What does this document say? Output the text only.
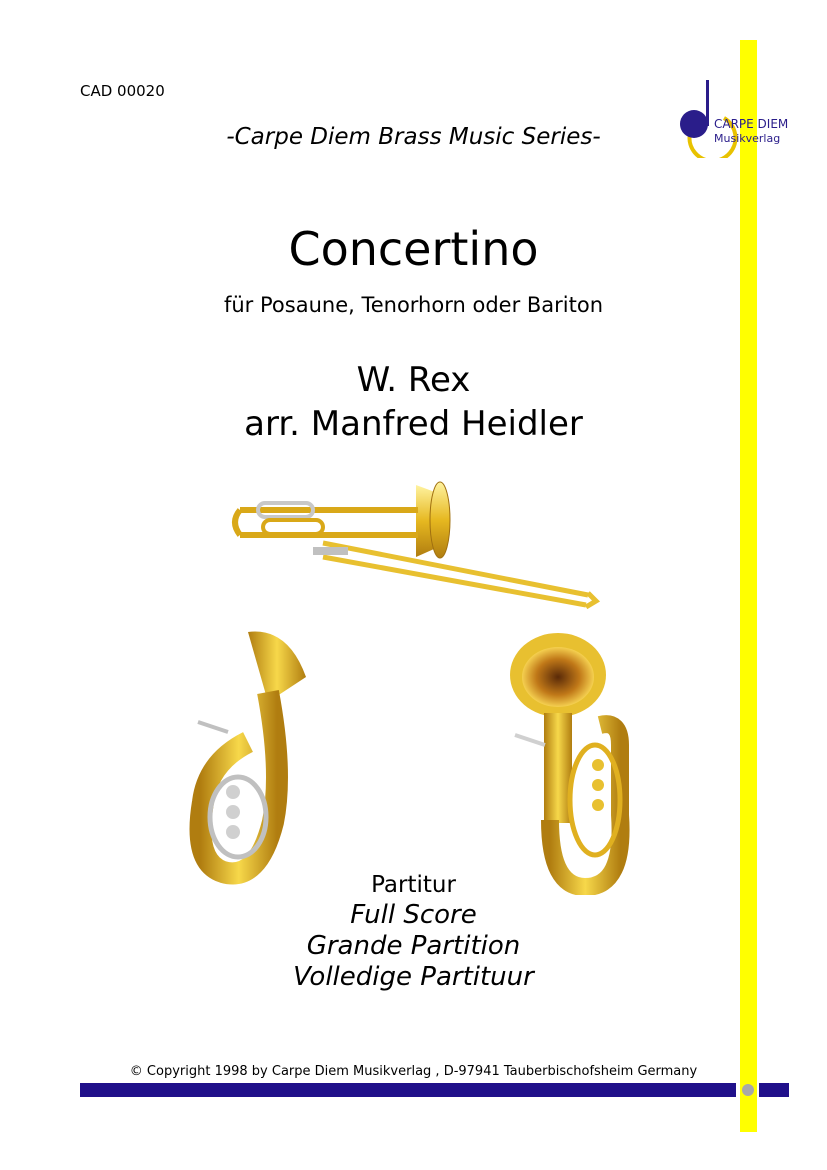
CAD 00020
-Carpe Diem Brass Music Series-	CARPE DIEM
Musikverlag
Concertino
für Posaune, Tenorhorn oder Bariton
W. Rex
arr. Manfred Heidler
Partitur
Full Score
Grande Partition
Volledige Partituur
© Copyright 1998 by Carpe Diem Musikverlag , D-97941 Tauberbischofsheim Germany
